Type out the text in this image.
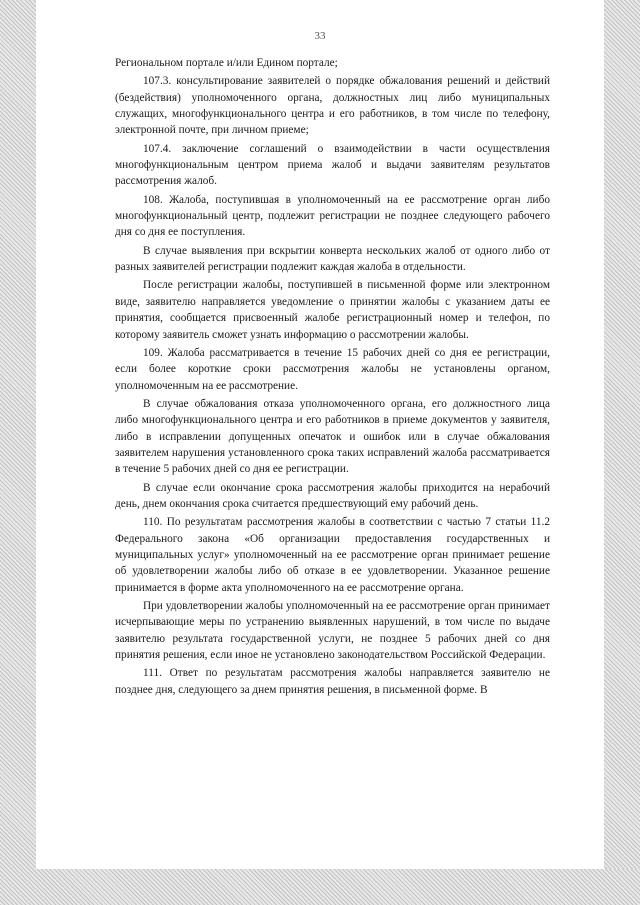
33

Региональном портале и/или Едином портале;

107.3. консультирование заявителей о порядке обжалования решений и действий (бездействия) уполномоченного органа, должностных лиц либо муниципальных служащих, многофункционального центра и его работников, в том числе по телефону, электронной почте, при личном приеме;

107.4. заключение соглашений о взаимодействии в части осуществления многофункциональным центром приема жалоб и выдачи заявителям результатов рассмотрения жалоб.

108. Жалоба, поступившая в уполномоченный на ее рассмотрение орган либо многофункциональный центр, подлежит регистрации не позднее следующего рабочего дня со дня ее поступления.

В случае выявления при вскрытии конверта нескольких жалоб от одного либо от разных заявителей регистрации подлежит каждая жалоба в отдельности.

После регистрации жалобы, поступившей в письменной форме или электронном виде, заявителю направляется уведомление о принятии жалобы с указанием даты ее принятия, сообщается присвоенный жалобе регистрационный номер и телефон, по которому заявитель сможет узнать информацию о рассмотрении жалобы.

109. Жалоба рассматривается в течение 15 рабочих дней со дня ее регистрации, если более короткие сроки рассмотрения жалобы не установлены органом, уполномоченным на ее рассмотрение.

В случае обжалования отказа уполномоченного органа, его должностного лица либо многофункционального центра и его работников в приеме документов у заявителя, либо в исправлении допущенных опечаток и ошибок или в случае обжалования заявителем нарушения установленного срока таких исправлений жалоба рассматривается в течение 5 рабочих дней со дня ее регистрации.

В случае если окончание срока рассмотрения жалобы приходится на нерабочий день, днем окончания срока считается предшествующий ему рабочий день.

110. По результатам рассмотрения жалобы в соответствии с частью 7 статьи 11.2 Федерального закона «Об организации предоставления государственных и муниципальных услуг» уполномоченный на ее рассмотрение орган принимает решение об удовлетворении жалобы либо об отказе в ее удовлетворении. Указанное решение принимается в форме акта уполномоченного на ее рассмотрение органа.

При удовлетворении жалобы уполномоченный на ее рассмотрение орган принимает исчерпывающие меры по устранению выявленных нарушений, в том числе по выдаче заявителю результата государственной услуги, не позднее 5 рабочих дней со дня принятия решения, если иное не установлено законодательством Российской Федерации.

111. Ответ по результатам рассмотрения жалобы направляется заявителю не позднее дня, следующего за днем принятия решения, в письменной форме. В
